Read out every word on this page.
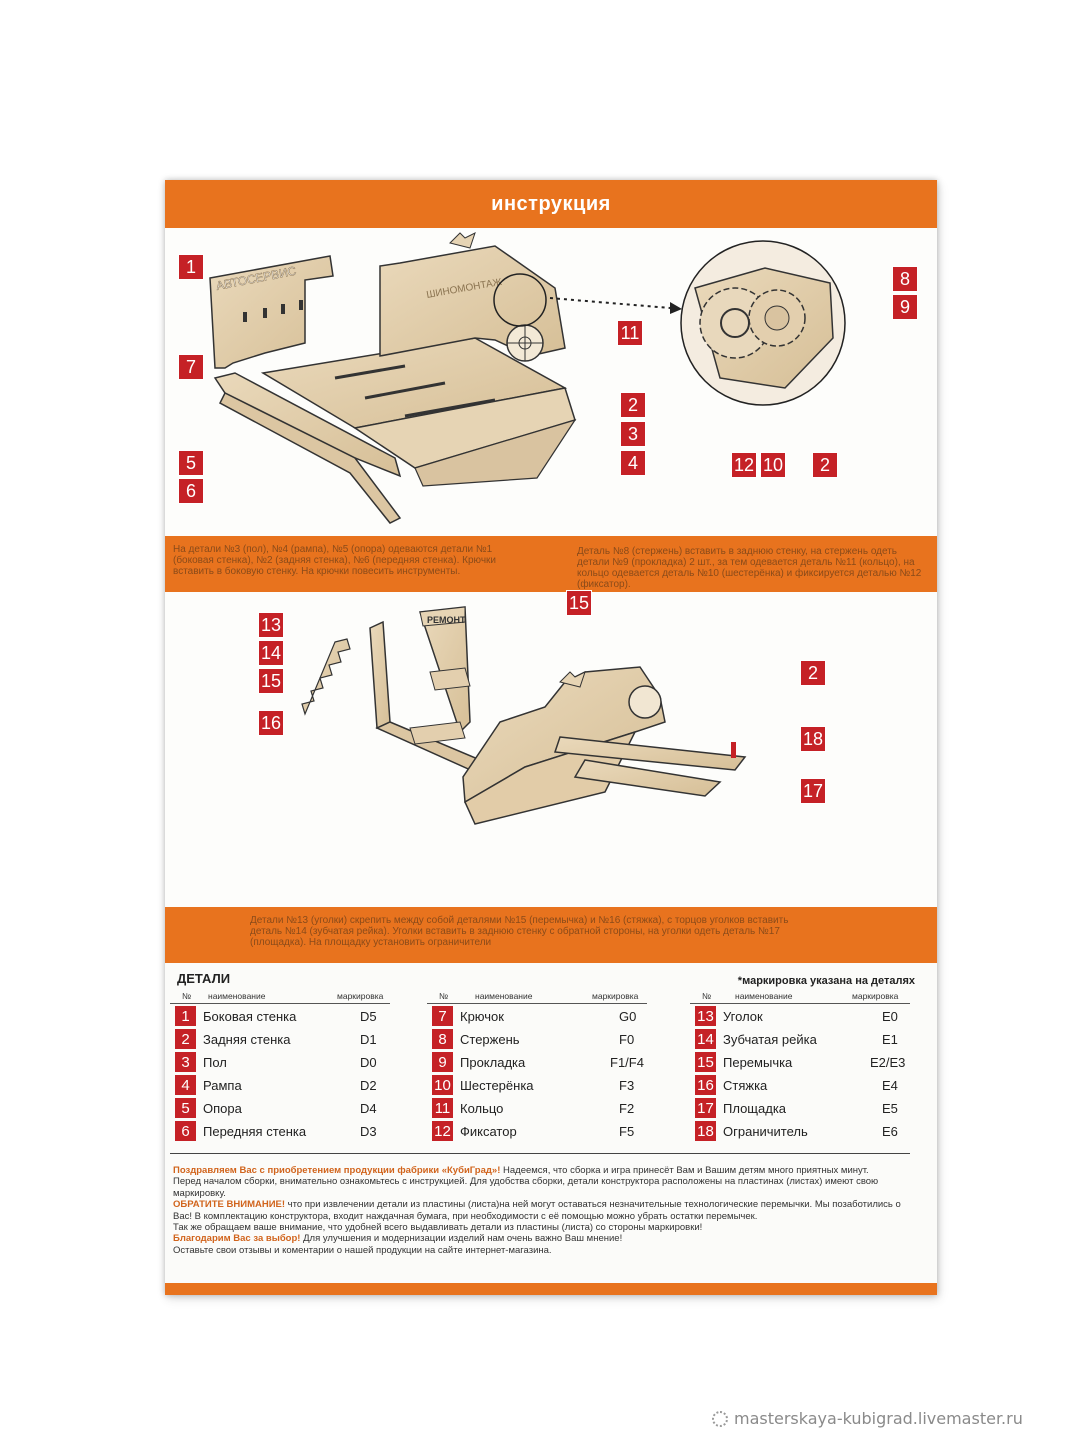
инструкция
АВТОСЕРВИС	ШИНОМОНТАЖ
1
7
5
6
2
3
4
8
9
11
12 10	2
На детали №3 (пол), №4 (рампа), №5 (опора) одеваются детали №1 (боковая стенка), №2 (задняя стенка), №6 (передняя стенка). Крючки вставить в боковую стенку. На крючки повесить инструменты.
Деталь №8 (стержень) вставить в заднюю стенку, на стержень одеть детали №9 (прокладка) 2 шт., за тем одевается деталь №11 (кольцо), на кольцо одевается деталь №10 (шестерёнка) и фиксируется деталью №12 (фиксатор).
РЕМОНТ
13
14
15
16
15
2
18
17
Детали №13 (уголки) скрепить между собой деталями №15 (перемычка) и №16 (стяжка), с торцов уголков вставить деталь №14 (зубчатая рейка). Уголки вставить в заднюю стенку с обратной стороны, на уголки одеть деталь №17 (площадка). На площадку установить ограничители
ДЕТАЛИ	*маркировка указана на деталях
№ наименование	маркировка
1	Боковая стенка	D5
2	Задняя стенка	D1
3	Пол	D0
4	Рампа	D2
5	Опора	D4
6	Передняя стенка	D3
№	наименование	маркировка
7	Крючок	G0
8	Стержень	F0
9	Прокладка	F1/F4
10 Шестерёнка	F3
11 Кольцо	F2
12 Фиксатор	F5
№	наименование	маркировка
13 Уголок	E0
14 Зубчатая рейка	E1
15 Перемычка	E2/E3
16 Стяжка	E4
17 Площадка	E5
18 Ограничитель	E6
Поздравляем Вас с приобретением продукции фабрики «КубиГрад»! Надеемся, что сборка и игра принесёт Вам и Вашим детям много приятных минут.
Перед началом сборки, внимательно ознакомьтесь с инструкцией. Для удобства сборки, детали конструктора расположены на пластинах (листах) имеют свою маркировку.
ОБРАТИТЕ ВНИМАНИЕ! что при извлечении детали из пластины (листа)на ней могут оставаться незначительные технологические перемычки. Мы позаботились о Вас! В комплектацию конструктора, входит наждачная бумага, при необходимости с её помощью можно убрать остатки перемычек.
Так же обращаем ваше внимание, что удобней всего выдавливать детали из пластины (листа) со стороны маркировки!
Благодарим Вас за выбор! Для улучшения и модернизации изделий нам очень важно Ваш мнение!
Оставьте свои отзывы и коментарии о нашей продукции на сайте интернет-магазина.
masterskaya-kubigrad.livemaster.ru
